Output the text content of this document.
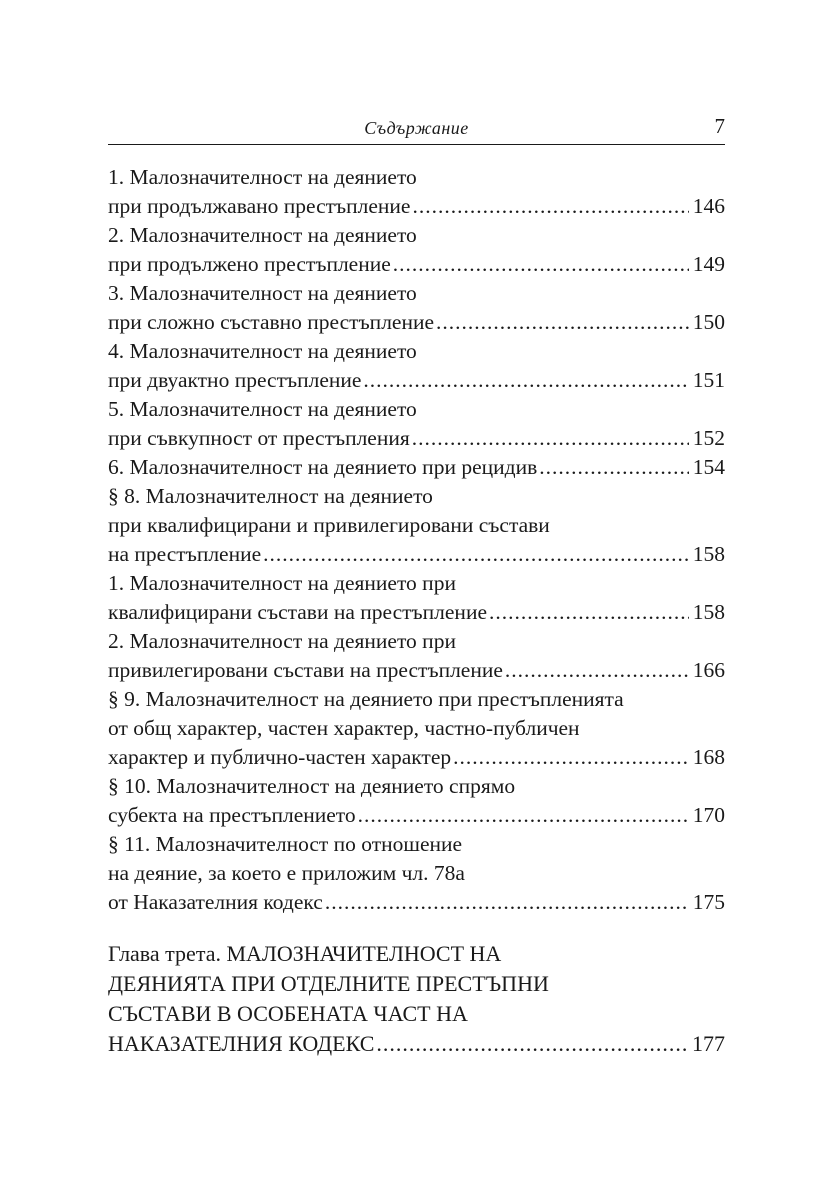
Съдържание	7
1. Малозначителност на деянието
при продължавано престъпление .....	146
2. Малозначителност на деянието
при продължено престъпление .....	149
3. Малозначителност на деянието
при сложно съставно престъпление .....	150
4. Малозначителност на деянието
при двуактно престъпление .....	151
5. Малозначителност на деянието
при съвкупност от престъпления .....	152
6. Малозначителност на деянието при рецидив .....	154
§ 8. Малозначителност на деянието
при квалифицирани и привилегировани състави
на престъпление .....	158
1. Малозначителност на деянието при
квалифицирани състави на престъпление .....	158
2. Малозначителност на деянието при
привилегировани състави на престъпление .....	166
§ 9. Малозначителност на деянието при престъпленията
от общ характер, частен характер, частно-публичен
характер и публично-частен характер .....	168
§ 10. Малозначителност на деянието спрямо
субекта на престъплението .....	170
§ 11. Малозначителност по отношение
на деяние, за което е приложим чл. 78а
от Наказателния кодекс .....	175
Глава трета. МАЛОЗНАЧИТЕЛНОСТ НА
ДЕЯНИЯТА ПРИ ОТДЕЛНИТЕ ПРЕСТЪПНИ
СЪСТАВИ В ОСОБЕНАТА ЧАСТ НА
НАКАЗАТЕЛНИЯ КОДЕКС .....	177
